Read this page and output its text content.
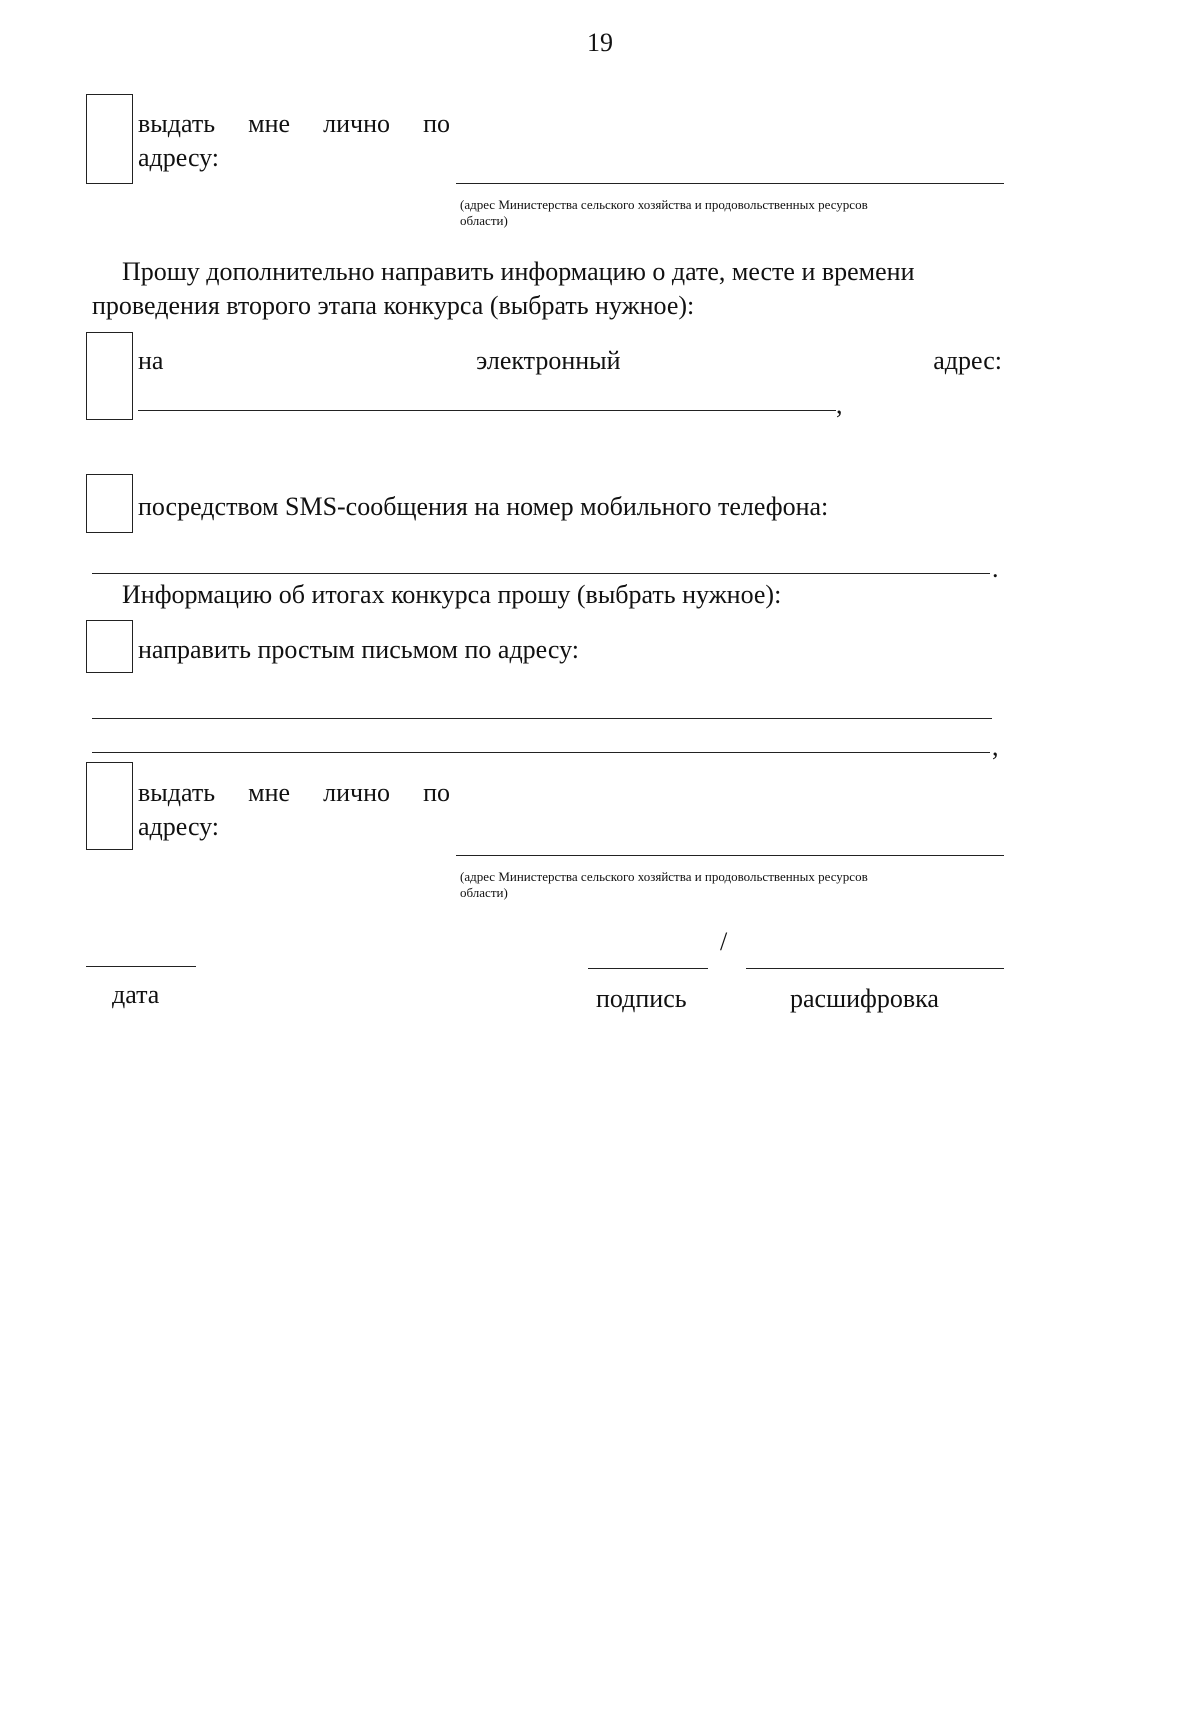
19
выдать мне лично по
адресу:
(адрес Министерства сельского хозяйства и продовольственных ресурсов
области)
Прошу дополнительно направить информацию о дате, месте и времени
проведения второго этапа конкурса (выбрать нужное):
на	электронный	адрес:
,
посредством SMS-сообщения на номер мобильного телефона:
.
Информацию об итогах конкурса прошу (выбрать нужное):
направить простым письмом по адресу:
,
выдать мне лично по
адресу:
(адрес Министерства сельского хозяйства и продовольственных ресурсов
области)
/
дата	подпись	расшифровка
